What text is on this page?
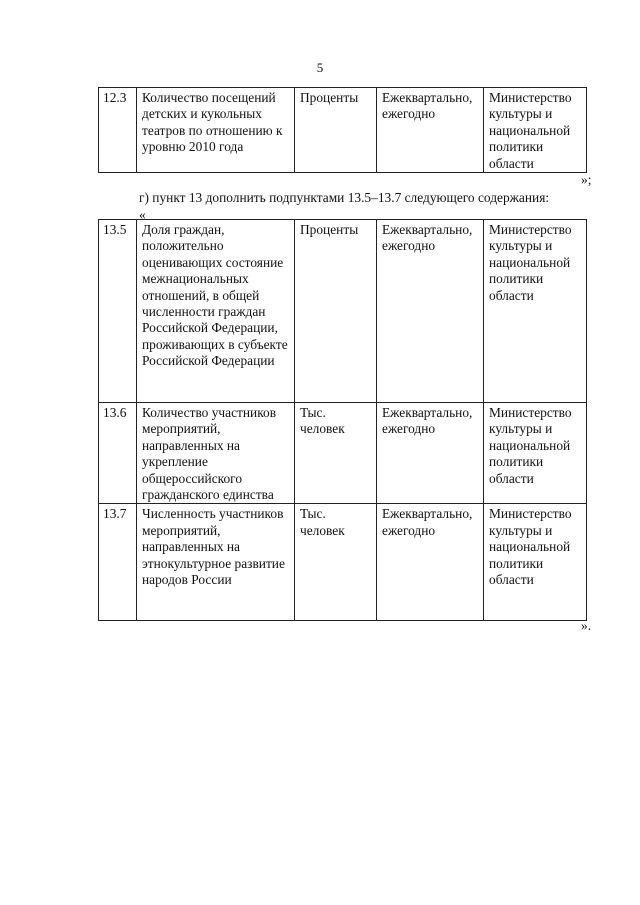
5
12.3	Количество посещений детских и кукольных театров по отношению к уровню 2010 года	Проценты	Ежеквартально, ежегодно	Министерство культуры и национальной политики области
»;
г) пункт 13 дополнить подпунктами 13.5–13.7 следующего содержания:
«
13.5	Доля граждан, положительно оценивающих состояние межнациональных отношений, в общей численности граждан Российской Федерации, проживающих в субъекте Российской Федерации	Проценты	Ежеквартально, ежегодно	Министерство культуры и национальной политики области
13.6	Количество участников мероприятий, направленных на укрепление общероссийского гражданского единства	Тыс. человек	Ежеквартально, ежегодно	Министерство культуры и национальной политики области
13.7	Численность участников мероприятий, направленных на этнокультурное развитие народов России	Тыс. человек	Ежеквартально, ежегодно	Министерство культуры и национальной политики области
».
